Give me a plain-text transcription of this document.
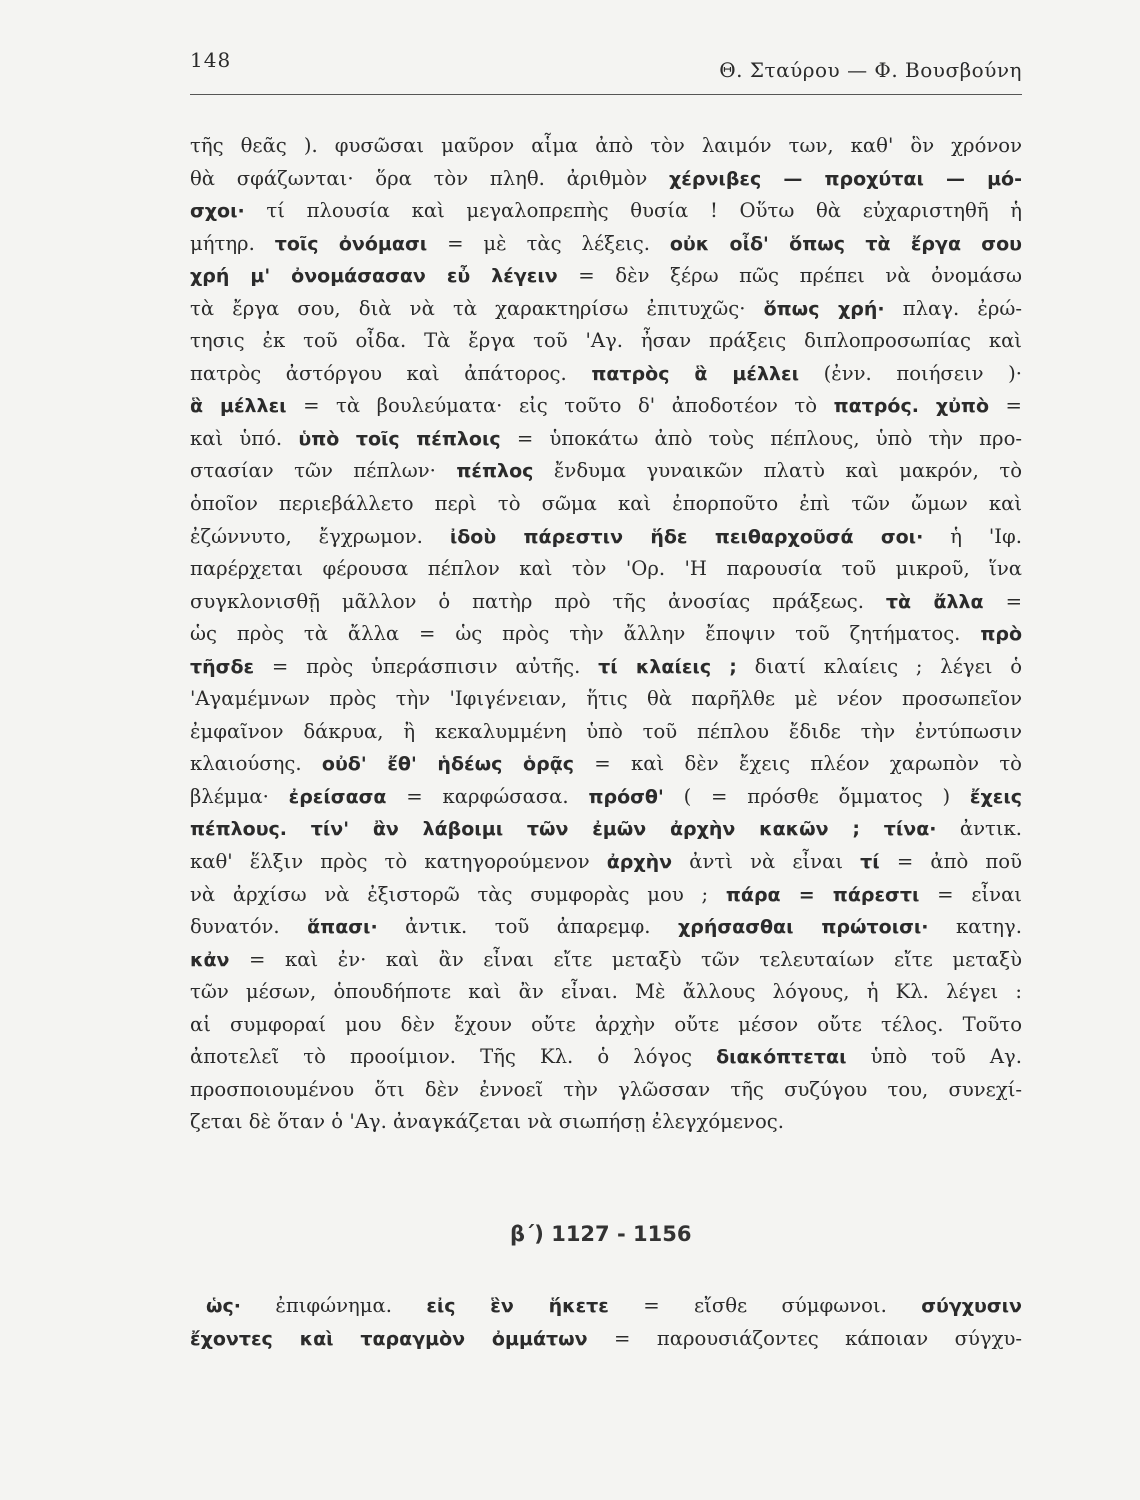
148	Θ. Σταύρου — Φ. Βουσβούνη
τῆς θεᾶς ). φυσῶσαι μαῦρον αἷμα ἀπὸ τὸν λαιμόν των, καθ' ὃν χρόνον
θὰ σφάζωνται· ὅρα τὸν πληθ. ἀριθμὸν χέρνιβες — προχύται — μό-
σχοι· τί πλουσία καὶ μεγαλοπρεπὴς θυσία ! Οὕτω θὰ εὐχαριστηθῆ ἡ
μήτηρ. τοῖς ὀνόμασι = μὲ τὰς λέξεις. οὐκ οἶδ' ὅπως τὰ ἔργα σου
χρή μ' ὀνομάσασαν εὖ λέγειν = δὲν ξέρω πῶς πρέπει νὰ ὀνομάσω
τὰ ἔργα σου, διὰ νὰ τὰ χαρακτηρίσω ἐπιτυχῶς· ὅπως χρή· πλαγ. ἐρώ-
τησις ἐκ τοῦ οἶδα. Τὰ ἔργα τοῦ 'Αγ. ἦσαν πράξεις διπλοπροσωπίας καὶ
πατρὸς ἀστόργου καὶ ἀπάτορος. πατρὸς ἃ μέλλει (ἐνν. ποιήσειν )·
ἃ μέλλει = τὰ βουλεύματα· εἰς τοῦτο δ' ἀποδοτέον τὸ πατρός. χὐπὸ =
καὶ ὑπό. ὑπὸ τοῖς πέπλοις = ὑποκάτω ἀπὸ τοὺς πέπλους, ὑπὸ τὴν προ-
στασίαν τῶν πέπλων· πέπλος ἔνδυμα γυναικῶν πλατὺ καὶ μακρόν, τὸ
ὁποῖον περιεβάλλετο περὶ τὸ σῶμα καὶ ἐπορποῦτο ἐπὶ τῶν ὤμων καὶ
ἐζώννυτο, ἔγχρωμον. ἰδοὺ πάρεστιν ἥδε πειθαρχοῦσά σοι· ἡ 'Ιφ.
παρέρχεται φέρουσα πέπλον καὶ τὸν 'Ορ. 'Η παρουσία τοῦ μικροῦ, ἵνα
συγκλονισθῇ μᾶλλον ὁ πατὴρ πρὸ τῆς ἀνοσίας πράξεως. τὰ ἄλλα =
ὡς πρὸς τὰ ἄλλα = ὡς πρὸς τὴν ἄλλην ἔποψιν τοῦ ζητήματος. πρὸ
τῆσδε = πρὸς ὑπεράσπισιν αὐτῆς. τί κλαίεις ; διατί κλαίεις ; λέγει ὁ
'Αγαμέμνων πρὸς τὴν 'Ιφιγένειαν, ἥτις θὰ παρῆλθε μὲ νέον προσωπεῖον
ἐμφαῖνον δάκρυα, ἢ κεκαλυμμένη ὑπὸ τοῦ πέπλου ἔδιδε τὴν ἐντύπωσιν
κλαιούσης. οὐδ' ἔθ' ἡδέως ὁρᾷς = καὶ δὲν ἔχεις πλέον χαρωπὸν τὸ
βλέμμα· ἐρείσασα = καρφώσασα. πρόσθ' ( = πρόσθε ὄμματος ) ἔχεις
πέπλους. τίν' ἂν λάβοιμι τῶν ἐμῶν ἀρχὴν κακῶν ; τίνα· ἀντικ.
καθ' ἕλξιν πρὸς τὸ κατηγορούμενον ἀρχὴν ἀντὶ νὰ εἶναι τί = ἀπὸ ποῦ
νὰ ἀρχίσω νὰ ἐξιστορῶ τὰς συμφορὰς μου ; πάρα = πάρεστι = εἶναι
δυνατόν. ἅπασι· ἀντικ. τοῦ ἀπαρεμφ. χρήσασθαι πρώτοισι· κατηγ.
κἀν = καὶ ἐν· καὶ ἂν εἶναι εἴτε μεταξὺ τῶν τελευταίων εἴτε μεταξὺ
τῶν μέσων, ὁπουδήποτε καὶ ἂν εἶναι. Μὲ ἄλλους λόγους, ἡ Κλ. λέγει :
αἱ συμφοραί μου δὲν ἔχουν οὔτε ἀρχὴν οὔτε μέσον οὔτε τέλος. Τοῦτο
ἀποτελεῖ τὸ προοίμιον. Τῆς Κλ. ὁ λόγος διακόπτεται ὑπὸ τοῦ Αγ.
προσποιουμένου ὅτι δὲν ἐννοεῖ τὴν γλῶσσαν τῆς συζύγου του, συνεχί-
ζεται δὲ ὅταν ὁ 'Αγ. ἀναγκάζεται νὰ σιωπήσῃ ἐλεγχόμενος.
β΄) 1127 - 1156
ὡς· ἐπιφώνημα. εἰς ἓν ἥκετε = εἴσθε σύμφωνοι. σύγχυσιν
ἔχοντες καὶ ταραγμὸν ὀμμάτων = παρουσιάζοντες κάποιαν σύγχυ-
